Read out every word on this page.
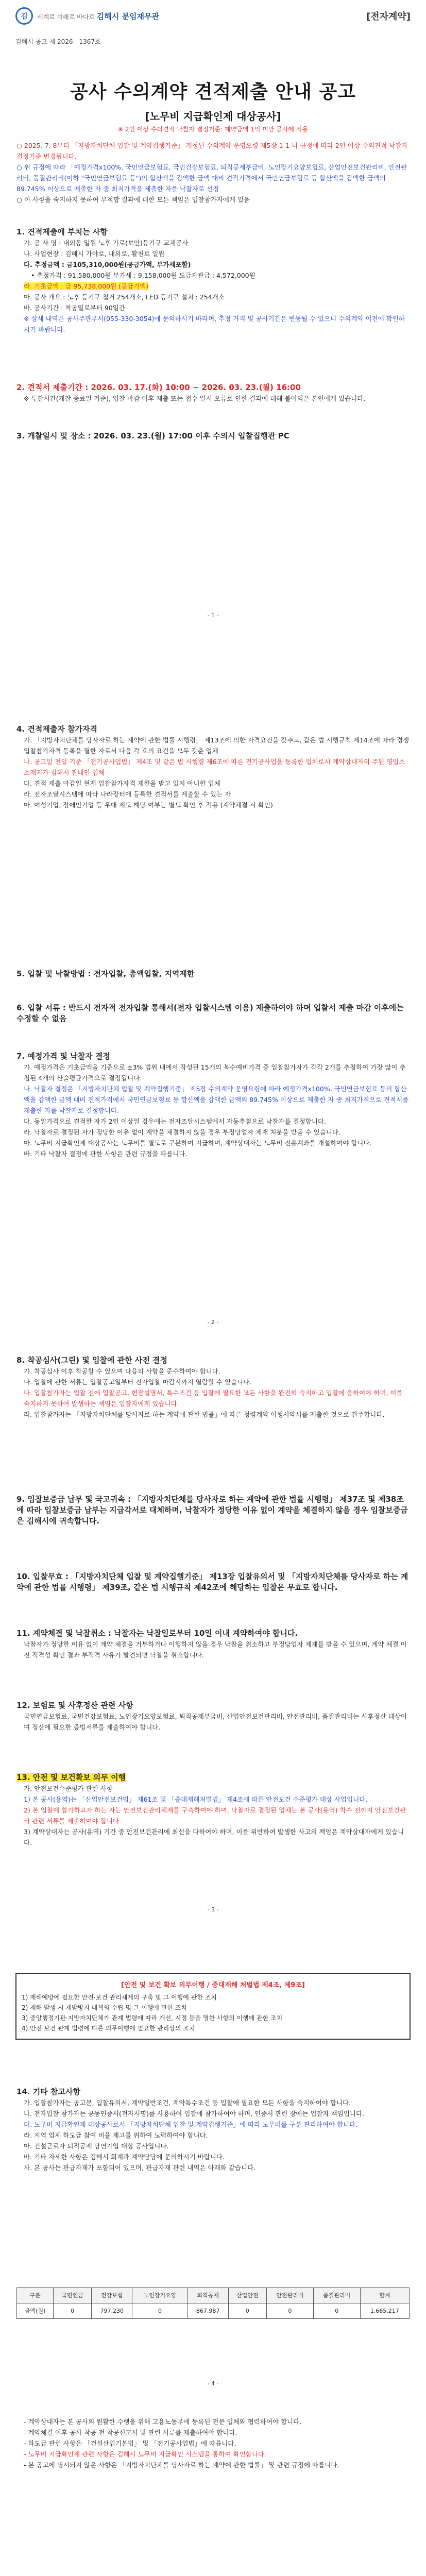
김	세계로 미래로 바다로 김해시 분임재무관	[전자계약]
김해시 공고 제 2026 - 1367호
공사 수의계약 견적제출 안내 공고
[노무비 지급확인제 대상공사]
※ 2인 이상 수의견적 낙찰자 결정기준: 계약금액 1억 미만 공사에 적용
○ 2025. 7. 8부터 「지방자치단체 입찰 및 계약집행기준」 개정된 수의계약 운영요령 제5장 1-1-나 규정에 따라 2인 이상 수의견적 낙찰자 결정기준 변경됩니다.
○ 위 규정에 따라 「예정가격x100%, 국민연금보험료, 국민건강보험료, 퇴직공제부금비, 노인장기요양보험료, 산업안전보건관리비, 안전관리비, 품질관리비(이하 "국민연금보험료 등")의 합산액을 감액한 금액 대비 견적가격에서 국민연금보험료 등 합산액을 감액한 금액의 89.745% 이상으로 제출한 자 중 최저가격을 제출한 자를 낙찰자로 선정
○ 이 사항을 숙지하지 못하여 부적합 결과에 대한 모든 책임은 입찰참가자에게 있음

1. 견적제출에 부치는 사항

가. 공 사 명 : 내외동 일원 노후 가로(보안)등기구 교체공사
나. 사업현장 : 김해시 가야로, 내외로, 활천로 일원
다. 추정금액 : 금105,310,000원(공급가액, 부가세포함)
• 추정가격 : 91,580,000원 부가세 : 9,158,000원 도급자관급 : 4,572,000원
라. 기초금액 : 금 95,738,000원 (공급가액)
마. 공사 개요 : 노후 등기구 철거 254개소, LED 등기구 설치 : 254개소
바. 공사기간 : 착공일로부터 90일간
※ 상세 내역은 공사주관부서(055-330-3054)에 문의하시기 바라며, 추정 가격 및 공사기간은 변동될 수 있으니 수의계약 이전에 확인하시기 바랍니다.

2. 견적서 제출기간 : 2026. 03. 17.(화) 10:00 ~ 2026. 03. 23.(월) 16:00

※ 투찰시간(개찰 종료일 기준), 입찰 마감 이후 제출 또는 접수 일시 오류로 인한 결과에 대해 불이익은 본인에게 있습니다.

3. 개찰일시 및 장소 : 2026. 03. 23.(월) 17:00 이후 수의시 입찰집행관 PC

- 1 -

4. 견적제출자 참가자격

가. 「지방자치단체를 당사자로 하는 계약에 관한 법률 시행령」 제13조에 의한 자격요건을 갖추고, 같은 법 시행규칙 제14조에 따라 경쟁입찰참가자격 등록을 필한 자로서 다음 각 호의 요건을 모두 갖춘 업체
나. 공고일 전일 기준 「전기공사업법」 제4조 및 같은 법 시행령 제6조에 따른 전기공사업을 등록한 업체로서 계약상대자의 주된 영업소 소재지가 김해시 관내인 업체
다. 견적 제출 마감일 현재 입찰참가자격 제한을 받고 있지 아니한 업체
라. 전자조달시스템에 따라 나라장터에 등록한 견적서를 제출할 수 있는 자
마. 여성기업, 장애인기업 등 우대 제도 해당 여부는 별도 확인 후 적용 (계약체결 시 확인)

5. 입찰 및 낙찰방법 : 전자입찰, 총액입찰, 지역제한

6. 입찰 서류 : 반드시 전자적 전자입찰 통해서(전자 입찰시스템 이용) 제출하여야 하며 입찰서 제출 마감 이후에는 수정할 수 없음

7. 예정가격 및 낙찰자 결정

가. 예정가격은 기초금액을 기준으로 ±3% 범위 내에서 작성된 15개의 복수예비가격 중 입찰참가자가 각각 2개를 추첨하여 가장 많이 추첨된 4개의 산술평균가격으로 결정됩니다.
나. 낙찰자 결정은 「지방자치단체 입찰 및 계약집행기준」 제5장 수의계약 운영요령에 따라 예정가격x100%, 국민연금보험료 등의 합산액을 감액한 금액 대비 견적가격에서 국민연금보험료 등 합산액을 감액한 금액의 89.745% 이상으로 제출한 자 중 최저가격으로 견적서를 제출한 자를 낙찰자로 결정합니다.
다. 동일가격으로 견적한 자가 2인 이상일 경우에는 전자조달시스템에서 자동추첨으로 낙찰자를 결정합니다.
라. 낙찰자로 결정된 자가 정당한 이유 없이 계약을 체결하지 않을 경우 부정당업자 제재 처분을 받을 수 있습니다.
마. 노무비 지급확인제 대상공사는 노무비를 별도로 구분하여 지급하며, 계약상대자는 노무비 전용계좌를 개설하여야 합니다.
바. 기타 낙찰자 결정에 관한 사항은 관련 규정을 따릅니다.
- 2 -

8. 착공심사(그린) 및 입찰에 관한 사전 결정

가. 착공심사 이후 착공할 수 있으며 다음의 사항을 준수하여야 합니다.
나. 입찰에 관한 서류는 입찰공고일부터 전자입찰 마감시까지 열람할 수 있습니다.
다. 입찰참가자는 입찰 전에 입찰공고, 현장설명서, 특수조건 등 입찰에 필요한 모든 사항을 완전히 숙지하고 입찰에 응하여야 하며, 이를 숙지하지 못하여 발생하는 책임은 입찰자에게 있습니다.
라. 입찰참가자는 「지방자치단체를 당사자로 하는 계약에 관한 법률」에 따른 청렴계약 이행서약서를 제출한 것으로 간주합니다.

9. 입찰보증금 납부 및 국고귀속 : 「지방자치단체를 당사자로 하는 계약에 관한 법률 시행령」 제37조 및 제38조에 따라 입찰보증금 납부는 지급각서로 대체하며, 낙찰자가 정당한 이유 없이 계약을 체결하지 않을 경우 입찰보증금은 김해시에 귀속합니다.

10. 입찰무효 : 「지방자치단체 입찰 및 계약집행기준」 제13장 입찰유의서 및 「지방자치단체를 당사자로 하는 계약에 관한 법률 시행령」 제39조, 같은 법 시행규칙 제42조에 해당하는 입찰은 무효로 합니다.

11. 계약체결 및 낙찰취소 : 낙찰자는 낙찰일로부터 10일 이내 계약하여야 합니다.

낙찰자가 정당한 이유 없이 계약 체결을 거부하거나 이행하지 않을 경우 낙찰을 취소하고 부정당업자 제재를 받을 수 있으며, 계약 체결 이전 적격성 확인 결과 부적격 사유가 발견되면 낙찰을 취소합니다.

12. 보험료 및 사후정산 관련 사항

국민연금보험료, 국민건강보험료, 노인장기요양보험료, 퇴직공제부금비, 산업안전보건관리비, 안전관리비, 품질관리비는 사후정산 대상이며 정산에 필요한 증빙서류를 제출하여야 합니다.

13. 안전 및 보건확보 의무 이행

가. 안전보건수준평가 관련 사항
1) 본 공사(용역)는 「산업안전보건법」 제61조 및 「중대재해처벌법」 제4조에 따른 안전보건 수준평가 대상 사업입니다.
2) 본 입찰에 참가하고자 하는 자는 안전보건관리체계를 구축하여야 하며, 낙찰자로 결정된 업체는 본 공사(용역) 착수 전까지 안전보건관리 관련 서류를 제출하여야 합니다.
3) 계약상대자는 공사(용역) 기간 중 안전보건관리에 최선을 다하여야 하며, 이를 위반하여 발생한 사고의 책임은 계약상대자에게 있습니다.
- 3 -
[안전 및 보건 확보 의무이행 / 중대재해 처벌법 제4조, 제9조]
1) 재해예방에 필요한 안전·보건 관리체계의 구축 및 그 이행에 관한 조치
2) 재해 발생 시 재발방지 대책의 수립 및 그 이행에 관한 조치
3) 중앙행정기관·지방자치단체가 관계 법령에 따라 개선, 시정 등을 명한 사항의 이행에 관한 조치
4) 안전·보건 관계 법령에 따른 의무이행에 필요한 관리상의 조치

14. 기타 참고사항

가. 입찰참가자는 공고문, 입찰유의서, 계약일반조건, 계약특수조건 등 입찰에 필요한 모든 사항을 숙지하여야 합니다.
나. 전자입찰 참가자는 공동인증서(전자서명)를 사용하여 입찰에 참가하여야 하며, 인증서 관련 장애는 입찰자 책임입니다.
다. 노무비 지급확인제 대상공사로서 「지방자치단체 입찰 및 계약집행기준」에 따라 노무비를 구분 관리하여야 합니다.
라. 지역 업체 하도급 참여 비율 제고를 위하여 노력하여야 합니다.
마. 건설근로자 퇴직공제 당연가입 대상 공사입니다.
바. 기타 자세한 사항은 김해시 회계과 계약담당에 문의하시기 바랍니다.
사. 본 공사는 관급자재가 포함되어 있으며, 관급자재 관련 내역은 아래와 같습니다.
구분	국민연금	건강보험	노인장기요양	퇴직공제	산업안전	안전관리비	품질관리비	합계
금액(원)	0	797,230	0	867,987	0	0	0	1,665,217
- 4 -
- 계약상대자는 본 공사의 원활한 수행을 위해 고용노동부에 등록된 전문 업체와 협력하여야 합니다.
- 계약체결 이후 공사 착공 전 착공신고서 및 관련 서류를 제출하여야 합니다.
- 하도급 관련 사항은 「건설산업기본법」 및 「전기공사업법」에 따릅니다.
- 노무비 지급확인제 관련 사항은 김해시 노무비 지급확인 시스템을 통하여 확인합니다.
- 본 공고에 명시되지 않은 사항은 「지방자치단체를 당사자로 하는 계약에 관한 법률」 및 관련 규정에 따릅니다.
